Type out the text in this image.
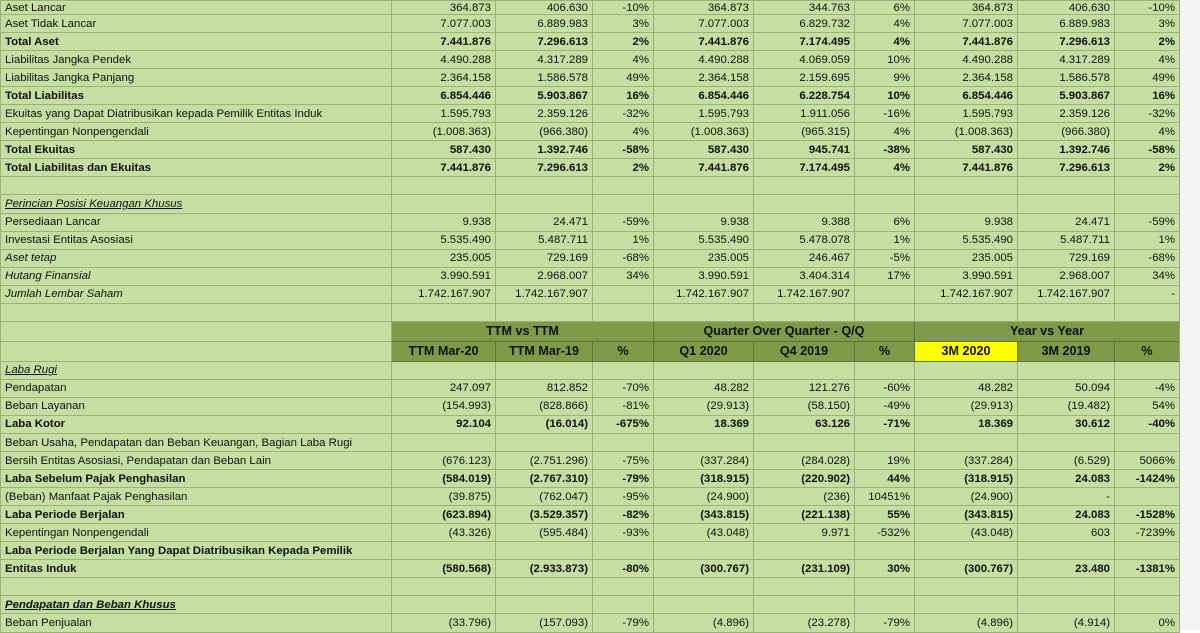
Aset Lancar	364.873	406.630	-10%	364.873	344.763	6%	364.873	406.630	-10%
Aset Tidak Lancar	7.077.003	6.889.983	3%	7.077.003	6.829.732	4%	7.077.003	6.889.983	3%
Total Aset	7.441.876	7.296.613	2%	7.441.876	7.174.495	4%	7.441.876	7.296.613	2%
Liabilitas Jangka Pendek	4.490.288	4.317.289	4%	4.490.288	4.069.059	10%	4.490.288	4.317.289	4%
Liabilitas Jangka Panjang	2.364.158	1.586.578	49%	2.364.158	2.159.695	9%	2.364.158	1.586.578	49%
Total Liabilitas	6.854.446	5.903.867	16%	6.854.446	6.228.754	10%	6.854.446	5.903.867	16%
Ekuitas yang Dapat Diatribusikan kepada Pemilik Entitas Induk	1.595.793	2.359.126	-32%	1.595.793	1.911.056	-16%	1.595.793	2.359.126	-32%
Kepentingan Nonpengendali	(1.008.363)	(966.380)	4%	(1.008.363)	(965.315)	4%	(1.008.363)	(966.380)	4%
Total Ekuitas	587.430	1.392.746	-58%	587.430	945.741	-38%	587.430	1.392.746	-58%
Total Liabilitas dan Ekuitas	7.441.876	7.296.613	2%	7.441.876	7.174.495	4%	7.441.876	7.296.613	2%

Perincian Posisi Keuangan Khusus									
Persediaan Lancar	9.938	24.471	-59%	9.938	9.388	6%	9.938	24.471	-59%
Investasi Entitas Asosiasi	5.535.490	5.487.711	1%	5.535.490	5.478.078	1%	5.535.490	5.487.711	1%
Aset tetap	235.005	729.169	-68%	235.005	246.467	-5%	235.005	729.169	-68%
Hutang Finansial	3.990.591	2.968.007	34%	3.990.591	3.404.314	17%	3.990.591	2.968.007	34%
Jumlah Lembar Saham	1.742.167.907	1.742.167.907		1.742.167.907	1.742.167.907		1.742.167.907	1.742.167.907	-

	TTM vs TTM			Quarter Over Quarter - Q/Q			Year vs Year		
	TTM Mar-20	TTM Mar-19	%	Q1 2020	Q4 2019	%	3M 2020	3M 2019	%
Laba Rugi									
Pendapatan	247.097	812.852	-70%	48.282	121.276	-60%	48.282	50.094	-4%
Beban Layanan	(154.993)	(828.866)	-81%	(29.913)	(58.150)	-49%	(29.913)	(19.482)	54%
Laba Kotor	92.104	(16.014)	-675%	18.369	63.126	-71%	18.369	30.612	-40%
Beban Usaha, Pendapatan dan Beban Keuangan, Bagian Laba Rugi									
Bersih Entitas Asosiasi, Pendapatan dan Beban Lain	(676.123)	(2.751.296)	-75%	(337.284)	(284.028)	19%	(337.284)	(6.529)	5066%
Laba Sebelum Pajak Penghasilan	(584.019)	(2.767.310)	-79%	(318.915)	(220.902)	44%	(318.915)	24.083	-1424%
(Beban) Manfaat Pajak Penghasilan	(39.875)	(762.047)	-95%	(24.900)	(236)	10451%	(24.900)	-	
Laba Periode Berjalan	(623.894)	(3.529.357)	-82%	(343.815)	(221.138)	55%	(343.815)	24.083	-1528%
Kepentingan Nonpengendali	(43.326)	(595.484)	-93%	(43.048)	9.971	-532%	(43.048)	603	-7239%
Laba Periode Berjalan Yang Dapat Diatribusikan Kepada Pemilik									
Entitas Induk	(580.568)	(2.933.873)	-80%	(300.767)	(231.109)	30%	(300.767)	23.480	-1381%

Pendapatan dan Beban Khusus									
Beban Penjualan	(33.796)	(157.093)	-79%	(4.896)	(23.278)	-79%	(4.896)	(4.914)	0%
